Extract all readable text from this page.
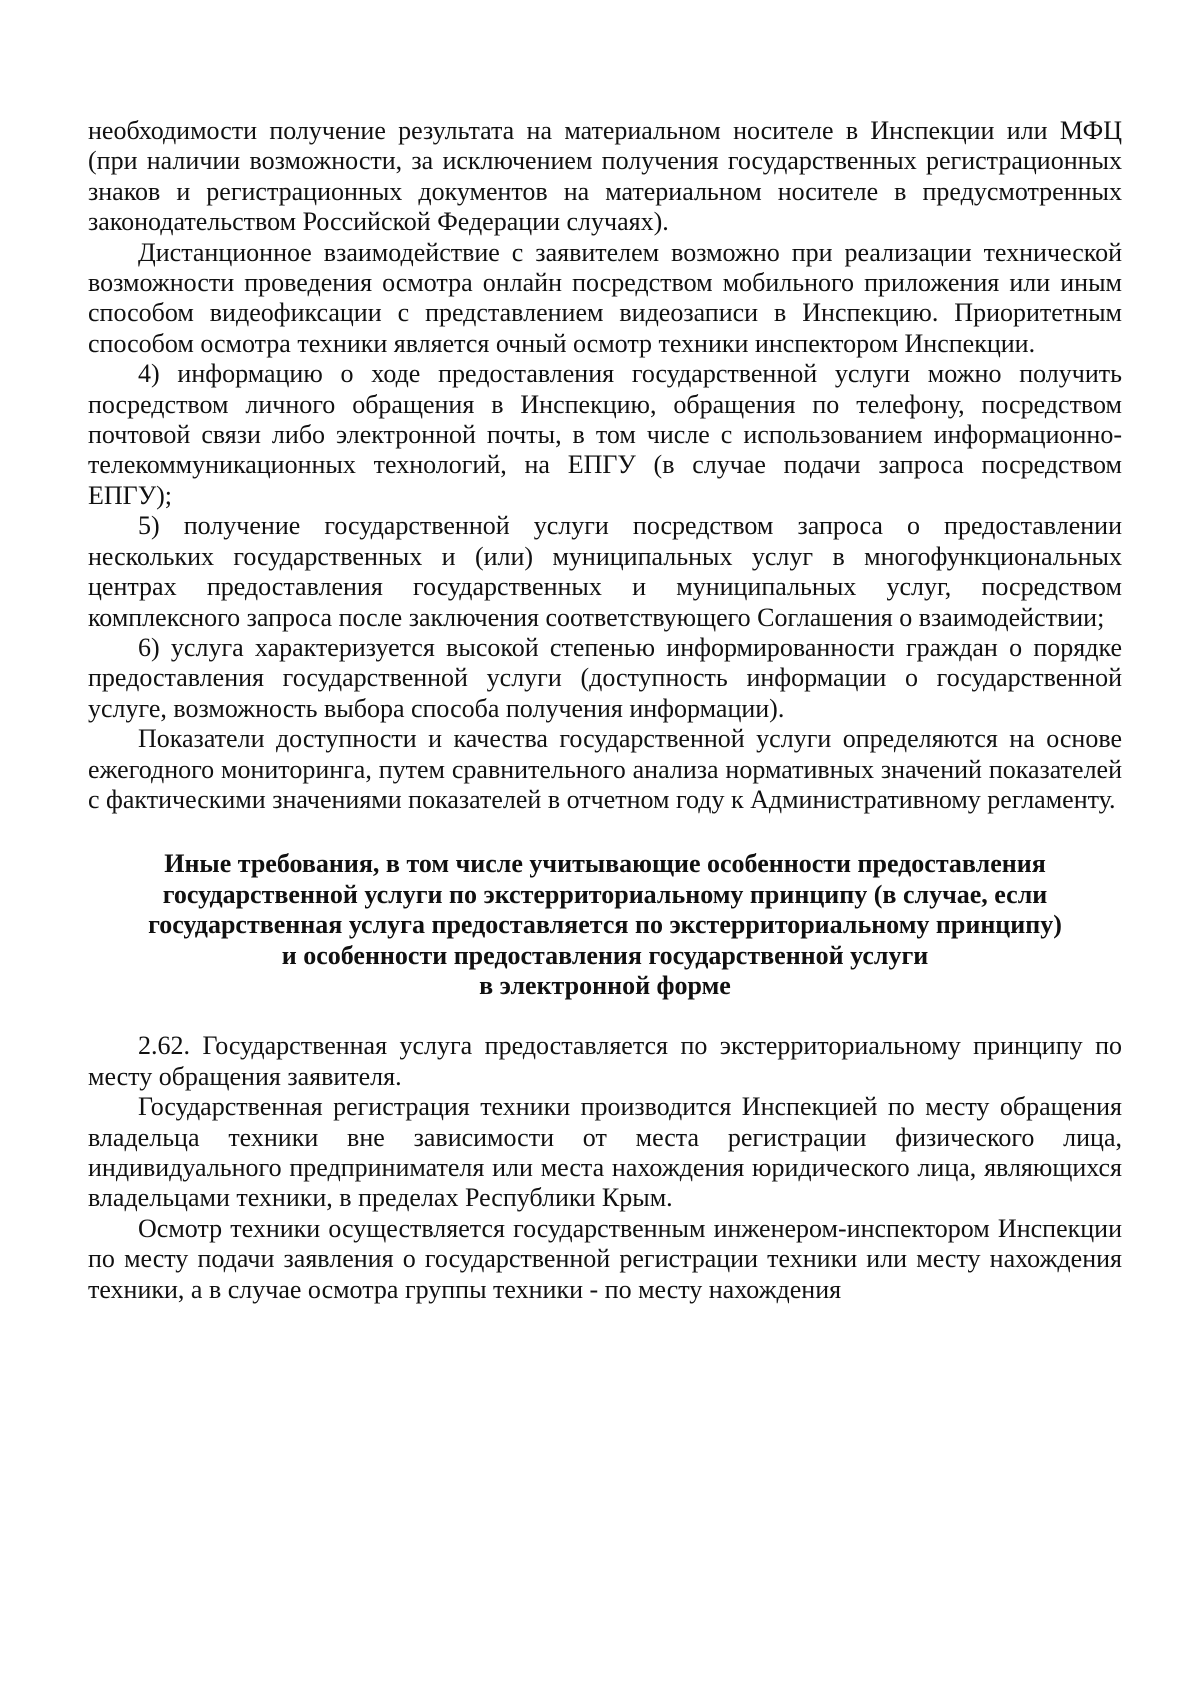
необходимости получение результата на материальном носителе в Инспекции или МФЦ (при наличии возможности, за исключением получения государственных регистрационных знаков и регистрационных документов на материальном носителе в предусмотренных законодательством Российской Федерации случаях).

Дистанционное взаимодействие с заявителем возможно при реализации технической возможности проведения осмотра онлайн посредством мобильного приложения или иным способом видеофиксации с представлением видеозаписи в Инспекцию. Приоритетным способом осмотра техники является очный осмотр техники инспектором Инспекции.

4) информацию о ходе предоставления государственной услуги можно получить посредством личного обращения в Инспекцию, обращения по телефону, посредством почтовой связи либо электронной почты, в том числе с использованием информационно-телекоммуникационных технологий, на ЕПГУ (в случае подачи запроса посредством ЕПГУ);

5) получение государственной услуги посредством запроса о предоставлении нескольких государственных и (или) муниципальных услуг в многофункциональных центрах предоставления государственных и муниципальных услуг, посредством комплексного запроса после заключения соответствующего Соглашения о взаимодействии;

6) услуга характеризуется высокой степенью информированности граждан о порядке предоставления государственной услуги (доступность информации о государственной услуге, возможность выбора способа получения информации).

Показатели доступности и качества государственной услуги определяются на основе ежегодного мониторинга, путем сравнительного анализа нормативных значений показателей с фактическими значениями показателей в отчетном году к Административному регламенту.

Иные требования, в том числе учитывающие особенности предоставления
государственной услуги по экстерриториальному принципу (в случае, если
государственная услуга предоставляется по экстерриториальному принципу)
и особенности предоставления государственной услуги
в электронной форме

2.62. Государственная услуга предоставляется по экстерриториальному принципу по месту обращения заявителя.

Государственная регистрация техники производится Инспекцией по месту обращения владельца техники вне зависимости от места регистрации физического лица, индивидуального предпринимателя или места нахождения юридического лица, являющихся владельцами техники, в пределах Республики Крым.

Осмотр техники осуществляется государственным инженером-инспектором Инспекции по месту подачи заявления о государственной регистрации техники или месту нахождения техники, а в случае осмотра группы техники - по месту нахождения
